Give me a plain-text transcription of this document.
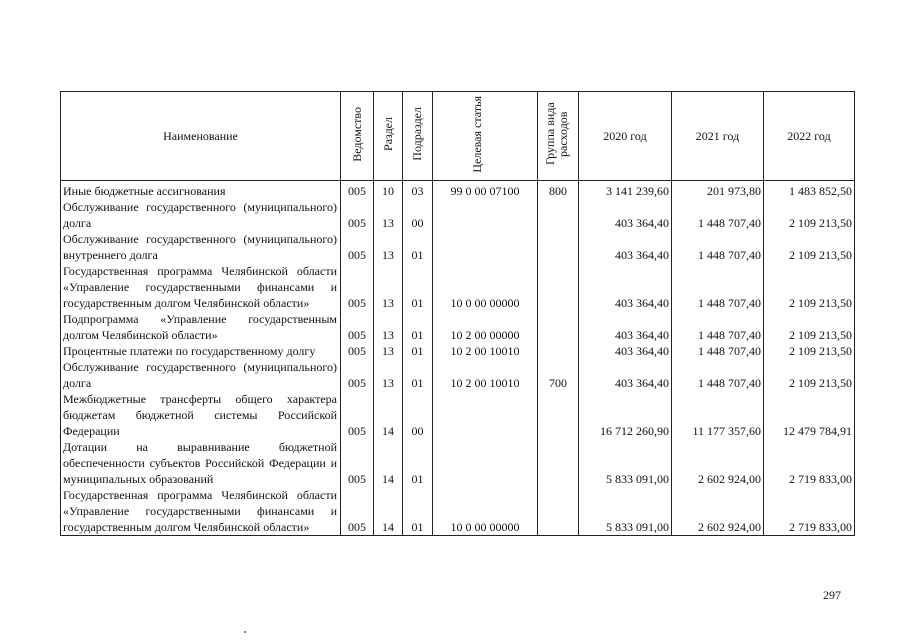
Наименование	Ведомство	Раздел	Подраздел	Целевая статья	Группа вида расходов	2020 год	2021 год	2022 год
Иные бюджетные ассигнования	005	10	03	99 0 00 07100	800	3 141 239,60	201 973,80	1 483 852,50
Обслуживание государственного (муниципального) долга	005	13	00			403 364,40	1 448 707,40	2 109 213,50
Обслуживание государственного (муниципального) внутреннего долга	005	13	01			403 364,40	1 448 707,40	2 109 213,50
Государственная программа Челябинской области «Управление государственными финансами и государственным долгом Челябинской области»	005	13	01	10 0 00 00000		403 364,40	1 448 707,40	2 109 213,50
Подпрограмма «Управление государственным долгом Челябинской области»	005	13	01	10 2 00 00000		403 364,40	1 448 707,40	2 109 213,50
Процентные платежи по государственному долгу	005	13	01	10 2 00 10010		403 364,40	1 448 707,40	2 109 213,50
Обслуживание государственного (муниципального) долга	005	13	01	10 2 00 10010	700	403 364,40	1 448 707,40	2 109 213,50
Межбюджетные трансферты общего характера бюджетам бюджетной системы Российской Федерации	005	14	00			16 712 260,90	11 177 357,60	12 479 784,91
Дотации на выравнивание бюджетной обеспеченности субъектов Российской Федерации и муниципальных образований	005	14	01			5 833 091,00	2 602 924,00	2 719 833,00
Государственная программа Челябинской области «Управление государственными финансами и государственным долгом Челябинской области»	005	14	01	10 0 00 00000		5 833 091,00	2 602 924,00	2 719 833,00
297
